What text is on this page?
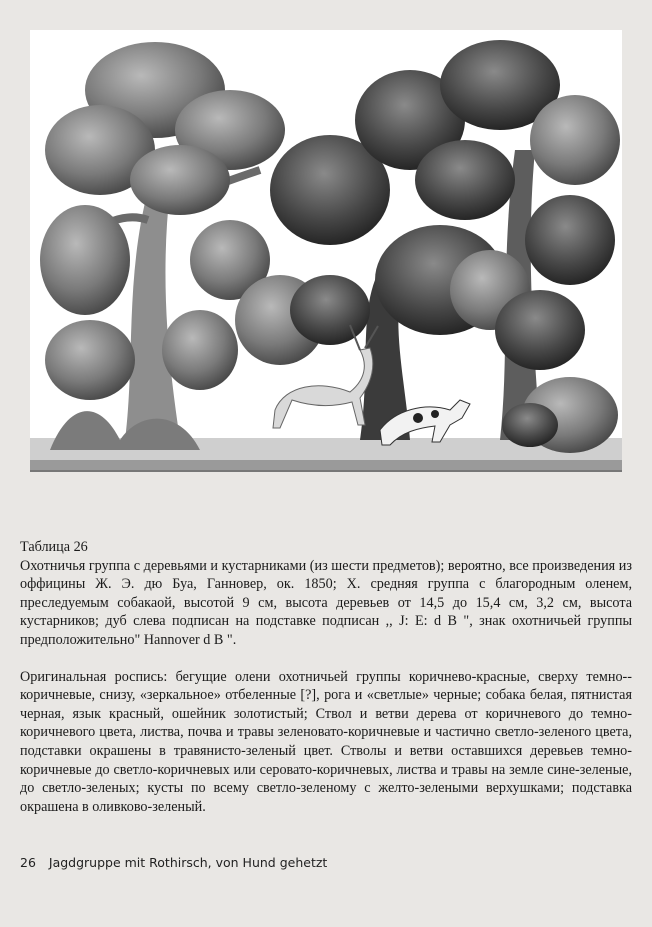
Таблица 26

Охотничья группа с деревьями и кустарниками (из шести предметов); вероятно, все произведения из оффицины Ж. Э. дю Буа, Ганновер, ок. 1850; Х. средняя группа с благородным оленем, преследуемым собакаой, высотой 9 см, высота деревьев от 14,5 до 15,4 см, 3,2 см, высота кустарников; дуб слева подписан на подставке подписан ,, J: E: d B ", знак охотничьей группы предположительно" Hannover d B ".

Оригинальная роспись: бегущие олени охотничьей группы коричнево-красные, сверху темно--коричневые, снизу, «зеркальное» отбеленные [?], рога и «светлые» черные; собака белая, пятнистая черная, язык красный, ошейник золотистый; Ствол и ветви дерева от коричневого до темно-коричневого цвета, листва, почва и травы зеленовато-коричневые и частично светло-зеленого цвета, подставки окрашены в травянисто-зеленый цвет. Стволы и ветви оставшихся деревьев темно-коричневые до светло-коричневых или серовато-коричневых, листва и травы на земле сине-зеленые, до светло-зеленых; кусты по всему светло-зеленому с желто-зелеными верхушками; подставка окрашена в оливково-зеленый.

26 Jagdgruppe mit Rothirsch, von Hund gehetzt
